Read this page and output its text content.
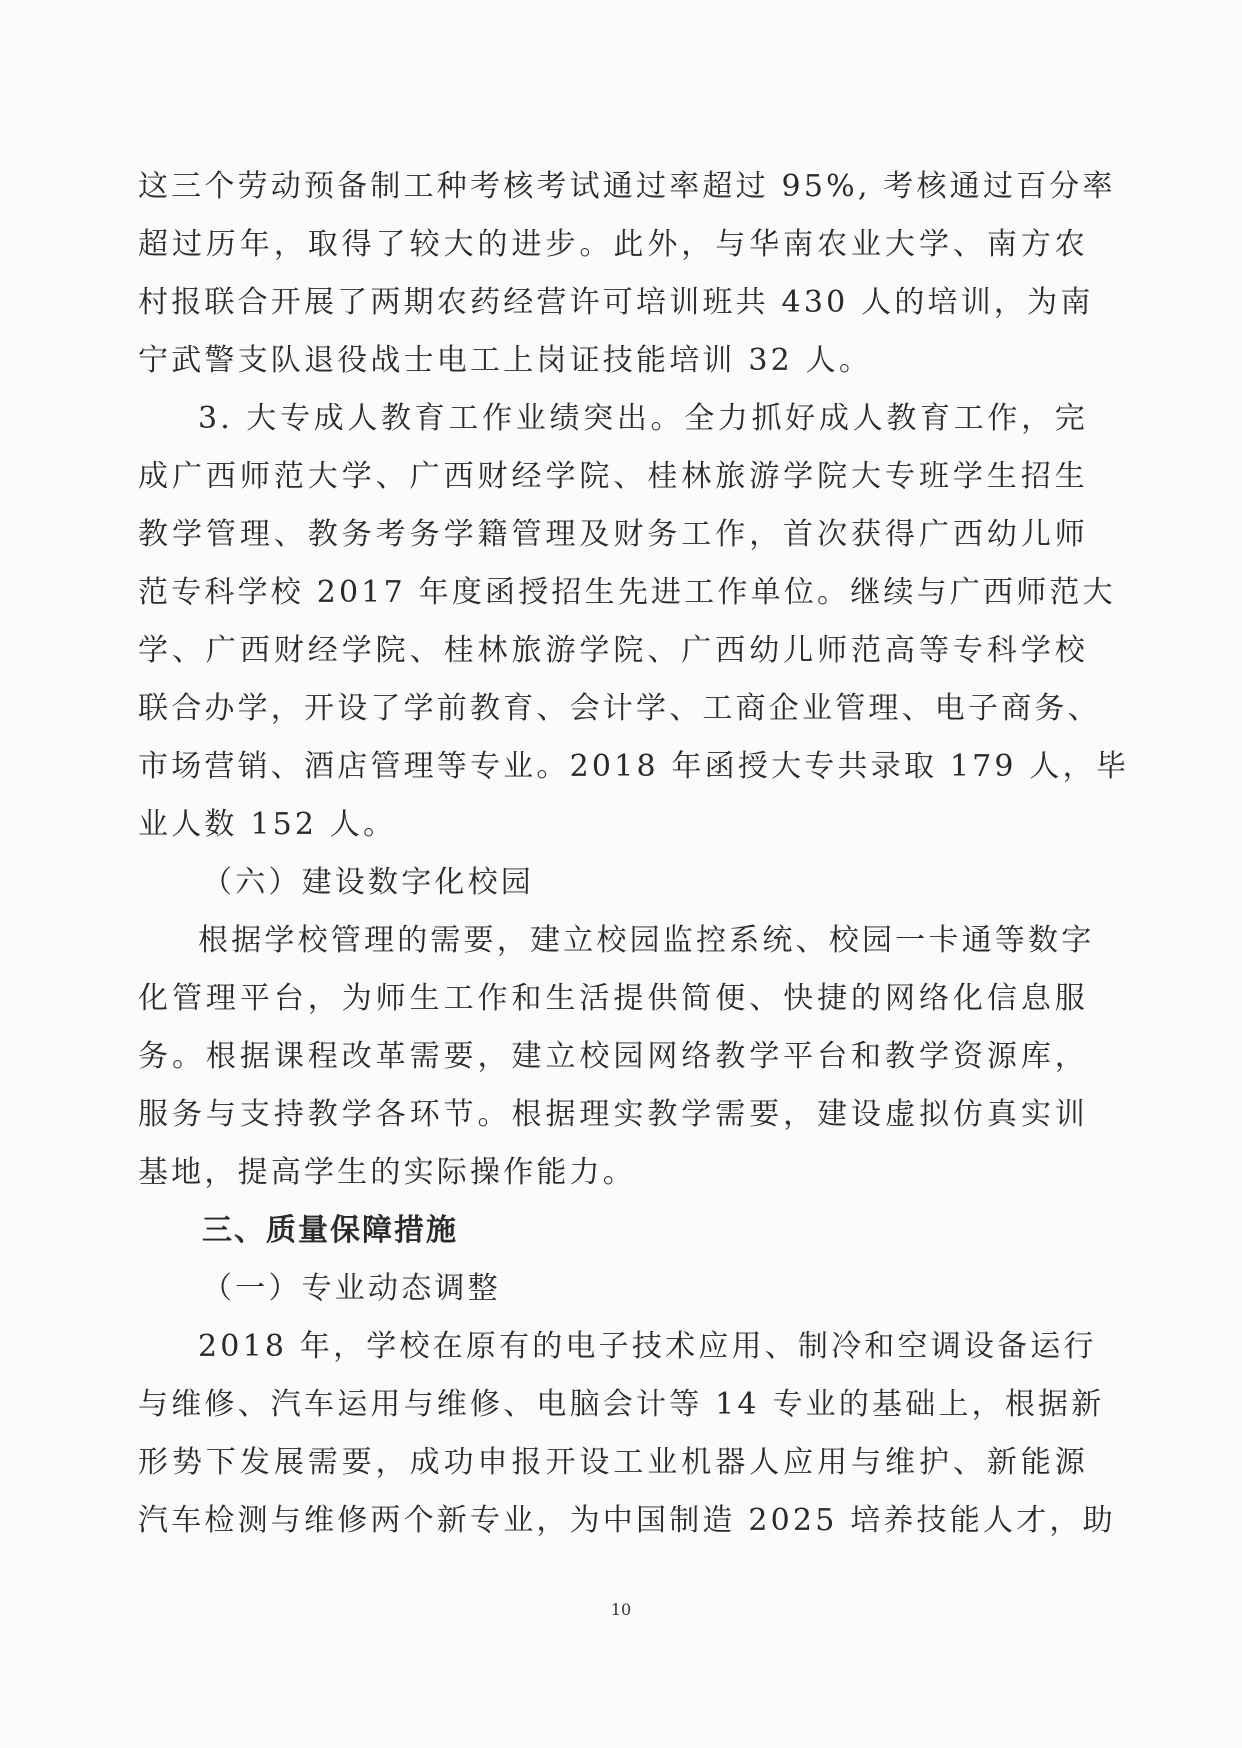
这三个劳动预备制工种考核考试通过率超过 95%, 考核通过百分率
超过历年，取得了较大的进步。此外，与华南农业大学、南方农
村报联合开展了两期农药经营许可培训班共 430 人的培训，为南
宁武警支队退役战士电工上岗证技能培训 32 人。
3. 大专成人教育工作业绩突出。全力抓好成人教育工作，完
成广西师范大学、广西财经学院、桂林旅游学院大专班学生招生
教学管理、教务考务学籍管理及财务工作，首次获得广西幼儿师
范专科学校 2017 年度函授招生先进工作单位。继续与广西师范大
学、广西财经学院、桂林旅游学院、广西幼儿师范高等专科学校
联合办学，开设了学前教育、会计学、工商企业管理、电子商务、
市场营销、酒店管理等专业。2018 年函授大专共录取 179 人，毕
业人数 152 人。
（六）建设数字化校园
根据学校管理的需要，建立校园监控系统、校园一卡通等数字
化管理平台，为师生工作和生活提供简便、快捷的网络化信息服
务。根据课程改革需要，建立校园网络教学平台和教学资源库，
服务与支持教学各环节。根据理实教学需要，建设虚拟仿真实训
基地，提高学生的实际操作能力。
三、质量保障措施
（一）专业动态调整
2018 年，学校在原有的电子技术应用、制冷和空调设备运行
与维修、汽车运用与维修、电脑会计等 14 专业的基础上，根据新
形势下发展需要，成功申报开设工业机器人应用与维护、新能源
汽车检测与维修两个新专业，为中国制造 2025 培养技能人才，助
10
